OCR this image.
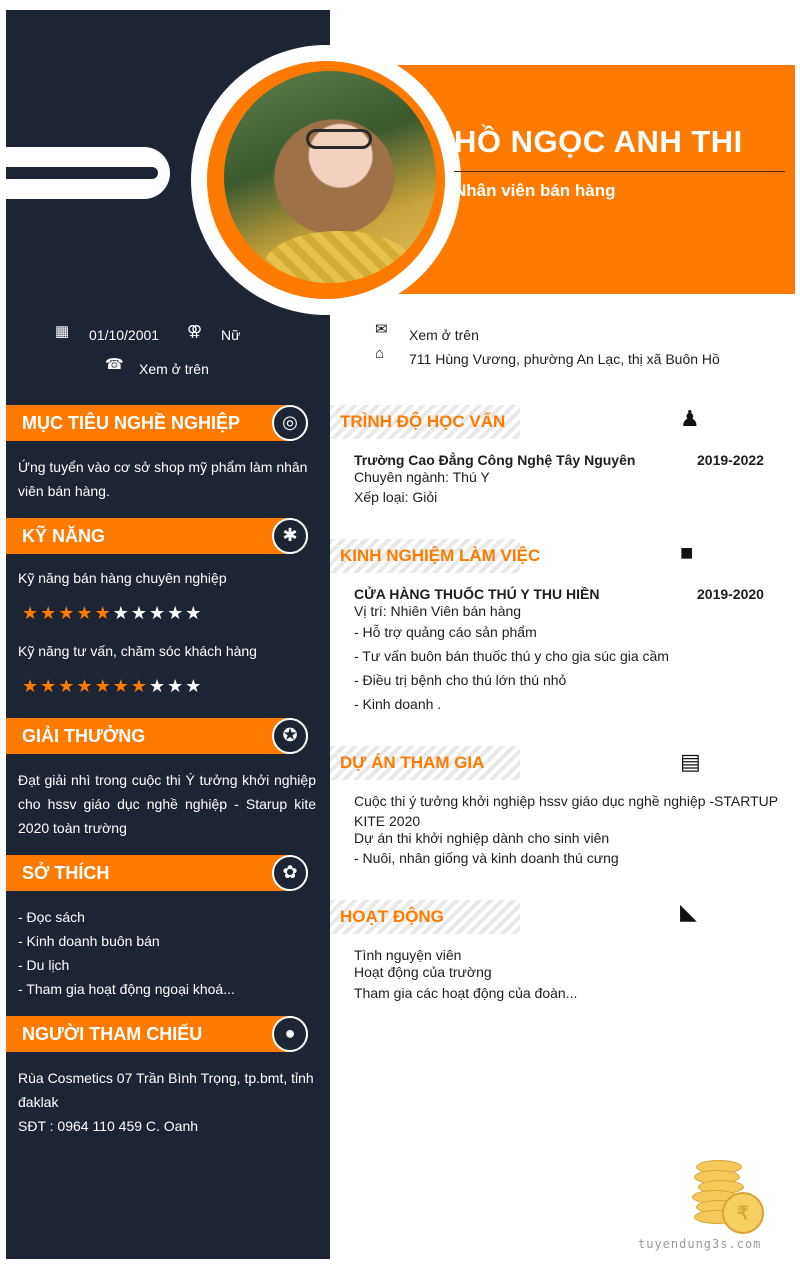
HỒ NGỌC ANH THI
Nhân viên bán hàng
▦ 01/10/2001 ⚢ Nữ
☎ Xem ở trên
✉ Xem ở trên
⌂ 711 Hùng Vương, phường An Lạc, thị xã Buôn Hồ
MỤC TIÊU NGHỀ NGHIỆP	◎
Ứng tuyển vào cơ sở shop mỹ phẩm làm nhân viên bán hàng.
KỸ NĂNG	✱
Kỹ năng bán hàng chuyên nghiệp
★★★★★★★★★★
Kỹ năng tư vấn, chăm sóc khách hàng
★★★★★★★★★★
GIẢI THƯỞNG	✪
Đạt giải nhì trong cuộc thi Ý tưởng khởi nghiệp cho hssv giáo dục nghề nghiệp - Starup kite 2020 toàn trường
SỞ THÍCH	✿
- Đọc sách
- Kinh doanh buôn bán
- Du lịch
- Tham gia hoạt động ngoại khoá...
NGƯỜI THAM CHIẾU	●
Rùa Cosmetics 07 Trần Bình Trọng, tp.bmt, tỉnh đaklak
SĐT : 0964 110 459 C. Oanh
TRÌNH ĐỘ HỌC VẤN	♟
Trường Cao Đẳng Công Nghệ Tây Nguyên	2019-2022
Chuyên ngành: Thú Y
Xếp loại: Giỏi
KINH NGHIỆM LÀM VIỆC	■
CỬA HÀNG THUỐC THÚ Y THU HIỀN	2019-2020
Vị trí: Nhiên Viên bán hàng
- Hỗ trợ quảng cáo sản phẩm
- Tư vấn buôn bán thuốc thú y cho gia súc gia cầm
- Điều trị bệnh cho thú lớn thú nhỏ
- Kinh doanh .
DỰ ÁN THAM GIA	▤
Cuộc thi ý tưởng khởi nghiệp hssv giáo dục nghề nghiệp -STARTUP
KITE 2020
Dự án thi khởi nghiệp dành cho sinh viên
- Nuôi, nhân giống và kinh doanh thú cưng
HOẠT ĐỘNG	◣
Tình nguyện viên
Hoạt động của trường
Tham gia các hoạt động của đoàn...
₹
tuyendung3s.com
